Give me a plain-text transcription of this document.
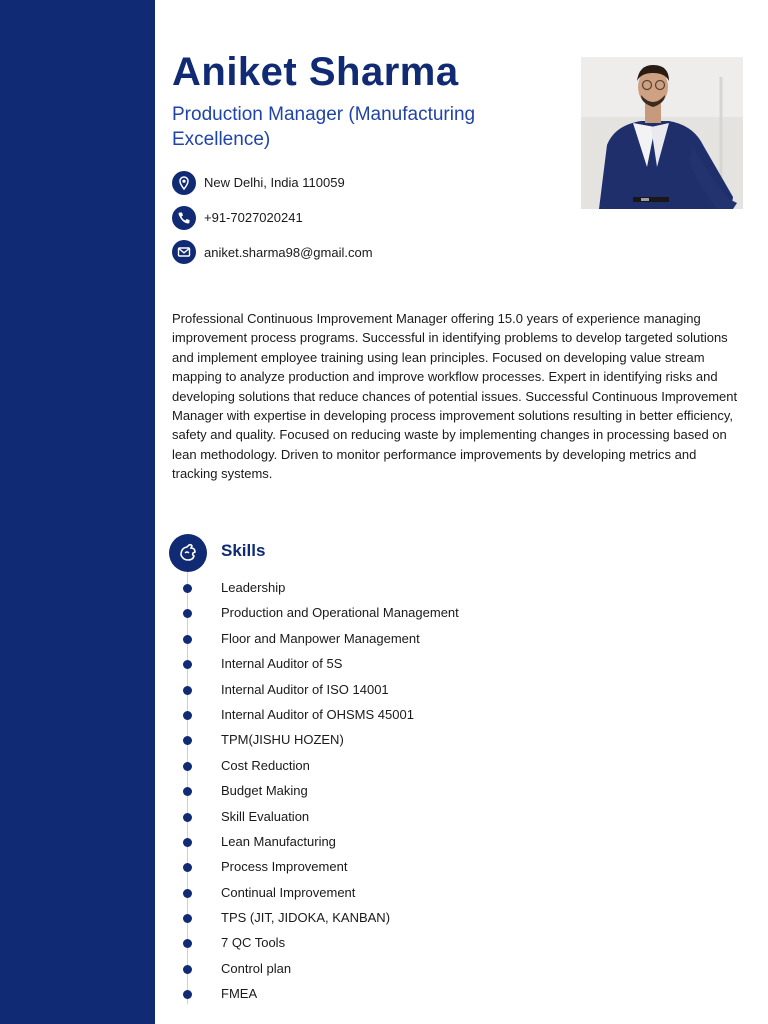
Aniket Sharma

Production Manager (Manufacturing Excellence)

New Delhi, India 110059
+91-7027020241
aniket.sharma98@gmail.com

Professional Continuous Improvement Manager offering 15.0 years of experience managing improvement process programs. Successful in identifying problems to develop targeted solutions and implement employee training using lean principles. Focused on developing value stream mapping to analyze production and improve workflow processes. Expert in identifying risks and developing solutions that reduce chances of potential issues. Successful Continuous Improvement Manager with expertise in developing process improvement solutions resulting in better efficiency, safety and quality. Focused on reducing waste by implementing changes in processing based on lean methodology. Driven to monitor performance improvements by developing metrics and tracking systems.

Skills
Leadership
Production and Operational Management
Floor and Manpower Management
Internal Auditor of 5S
Internal Auditor of ISO 14001
Internal Auditor of OHSMS 45001
TPM(JISHU HOZEN)
Cost Reduction
Budget Making
Skill Evaluation
Lean Manufacturing
Process Improvement
Continual Improvement
TPS (JIT, JIDOKA, KANBAN)
7 QC Tools
Control plan
FMEA
